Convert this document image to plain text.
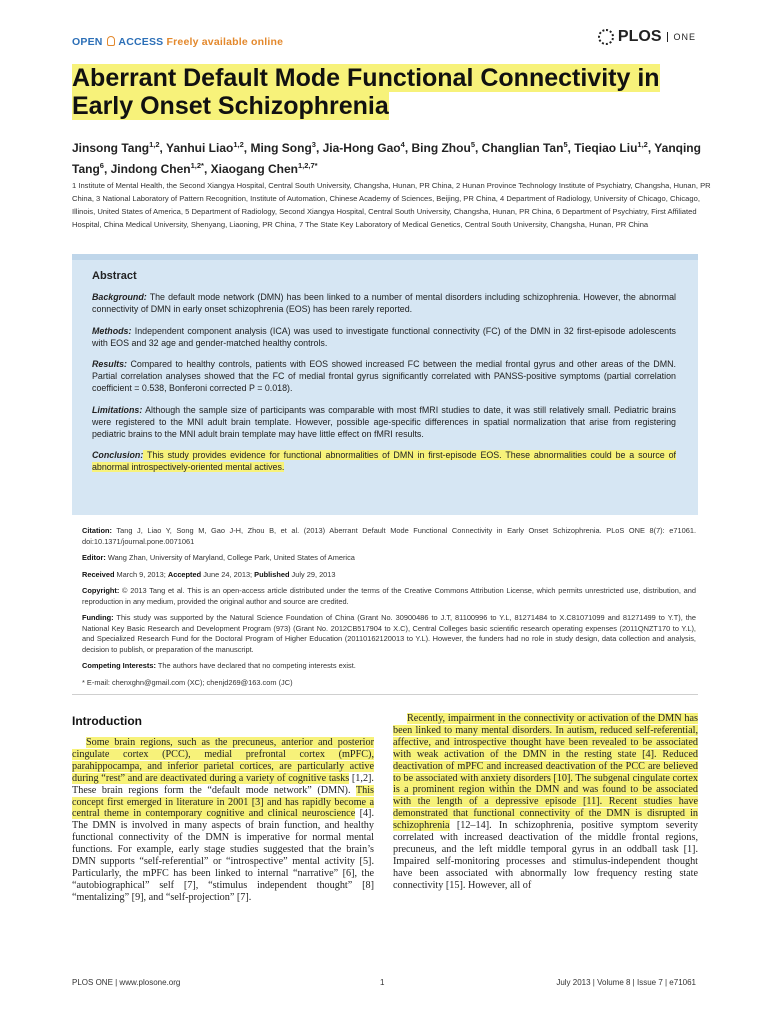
OPEN ACCESS Freely available online	PLOS	ONE
Aberrant Default Mode Functional Connectivity in Early Onset Schizophrenia
Jinsong Tang$^{1,2}$, Yanhui Liao$^{1,2}$, Ming Song$^3$, Jia-Hong Gao$^4$, Bing Zhou$^5$, Changlian Tan$^5$, Tieqiao Liu$^{1,2}$, Yanqing Tang$^6$, Jindong Chen$^{1,2*}$, Xiaogang Chen$^{1,2,7*}$
1 Institute of Mental Health, the Second Xiangya Hospital, Central South University, Changsha, Hunan, PR China, 2 Hunan Province Technology Institute of Psychiatry, Changsha, Hunan, PR China, 3 National Laboratory of Pattern Recognition, Institute of Automation, Chinese Academy of Sciences, Beijing, PR China, 4 Department of Radiology, University of Chicago, Chicago, Illinois, United States of America, 5 Department of Radiology, Second Xiangya Hospital, Central South University, Changsha, Hunan, PR China, 6 Department of Psychiatry, First Affiliated Hospital, China Medical University, Shenyang, Liaoning, PR China, 7 The State Key Laboratory of Medical Genetics, Central South University, Changsha, Hunan, PR China
Abstract

Background: The default mode network (DMN) has been linked to a number of mental disorders including schizophrenia. However, the abnormal connectivity of DMN in early onset schizophrenia (EOS) has been rarely reported.

Methods: Independent component analysis (ICA) was used to investigate functional connectivity (FC) of the DMN in 32 first-episode adolescents with EOS and 32 age and gender-matched healthy controls.

Results: Compared to healthy controls, patients with EOS showed increased FC between the medial frontal gyrus and other areas of the DMN. Partial correlation analyses showed that the FC of medial frontal gyrus significantly correlated with PANSS-positive symptoms (partial correlation coefficient = 0.538, Bonferoni corrected P = 0.018).

Limitations: Although the sample size of participants was comparable with most fMRI studies to date, it was still relatively small. Pediatric brains were registered to the MNI adult brain template. However, possible age-specific differences in spatial normalization that arise from registering pediatric brains to the MNI adult brain template may have little effect on fMRI results.

Conclusion: This study provides evidence for functional abnormalities of DMN in first-episode EOS. These abnormalities could be a source of abnormal introspectively-oriented mental actives.

Citation: Tang J, Liao Y, Song M, Gao J-H, Zhou B, et al. (2013) Aberrant Default Mode Functional Connectivity in Early Onset Schizophrenia. PLoS ONE 8(7): e71061. doi:10.1371/journal.pone.0071061

Editor: Wang Zhan, University of Maryland, College Park, United States of America

Received March 9, 2013; Accepted June 24, 2013; Published July 29, 2013

Copyright: © 2013 Tang et al. This is an open-access article distributed under the terms of the Creative Commons Attribution License, which permits unrestricted use, distribution, and reproduction in any medium, provided the original author and source are credited.

Funding: This study was supported by the Natural Science Foundation of China (Grant No. 30900486 to J.T, 81100996 to Y.L, 81271484 to X.C81071099 and 81271499 to Y.T), the National Key Basic Research and Development Program (973) (Grant No. 2012CB517904 to X.C), Central Colleges basic scientific research operating expenses (2011QNZT170 to Y.L), and Specialized Research Fund for the Doctoral Program of Higher Education (20110162120013 to Y.L). However, the funders had no role in study design, data collection and analysis, decision to publish, or preparation of the manuscript.

Competing Interests: The authors have declared that no competing interests exist.

* E-mail: chenxghn@gmail.com (XC); chenjd269@163.com (JC)

Introduction
Some brain regions, such as the precuneus, anterior and posterior cingulate cortex (PCC), medial prefrontal cortex (mPFC), parahippocampa, and inferior parietal cortices, are particularly active during “rest” and are deactivated during a variety of cognitive tasks [1,2]. These brain regions form the “default mode network” (DMN). This concept first emerged in literature in 2001 [3] and has rapidly become a central theme in contemporary cognitive and clinical neuroscience [4]. The DMN is involved in many aspects of brain function, and healthy functional connectivity of the DMN is imperative for normal mental functions. For example, early stage studies suggested that the brain’s DMN supports “self-referential” or “introspective” mental activity [5]. Particularly, the mPFC has been linked to internal “narrative” [6], the “autobiographical” self [7], “stimulus independent thought” [8] “mentalizing” [9], and “self-projection” [7].
Recently, impairment in the connectivity or activation of the DMN has been linked to many mental disorders. In autism, reduced self-referential, affective, and introspective thought have been revealed to be associated with weak activation of the DMN in the resting state [4]. Reduced deactivation of mPFC and increased deactivation of the PCC are believed to be associated with anxiety disorders [10]. The subgenal cingulate cortex is a prominent region within the DMN and was found to be associated with the length of a depressive episode [11]. Recent studies have demonstrated that functional connectivity of the DMN is disrupted in schizophrenia [12–14]. In schizophrenia, positive symptom severity correlated with increased deactivation of the middle frontal regions, precuneus, and the left middle temporal gyrus in an oddball task [1]. Impaired self-monitoring processes and stimulus-independent thought have been associated with abnormally low frequency resting state connectivity [15]. However, all of
PLOS ONE | www.plosone.org	1	July 2013 | Volume 8 | Issue 7 | e71061
